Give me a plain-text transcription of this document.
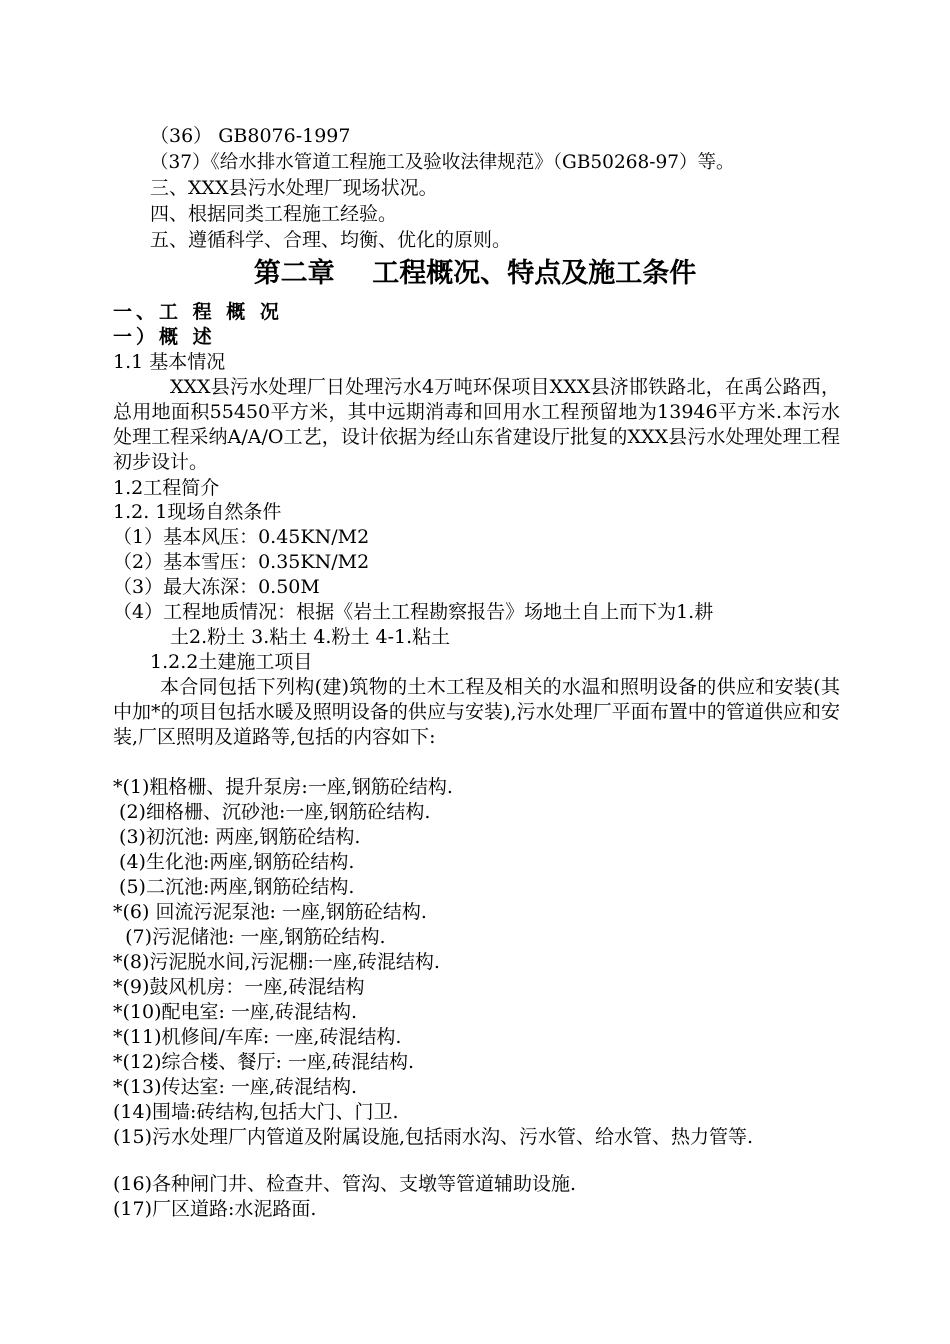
（36） GB8076-1997
（37）《给水排水管道工程施工及验收法律规范》（GB50268-97）等。
三、XXX县污水处理厂现场状况。
四、根据同类工程施工经验。
五、遵循科学、合理、均衡、优化的原则。
第二章    工程概况、特点及施工条件
一、工 程 概 况
一）概 述
1.1 基本情况
XXX县污水处理厂日处理污水4万吨环保项目XXX县济邯铁路北，在禹公路西，总用地面积55450平方米，其中远期消毒和回用水工程预留地为13946平方米.本污水处理工程采纳A/A/O工艺，设计依据为经山东省建设厅批复的XXX县污水处理处理工程初步设计。
1.2工程简介
1.2. 1现场自然条件
（1）基本风压：0.45KN/M2
（2）基本雪压：0.35KN/M2
（3）最大冻深：0.50M
（4）工程地质情况：根据《岩土工程勘察报告》场地土自上而下为1.耕
土2.粉土 3.粘土 4.粉土 4-1.粘土
1.2.2土建施工项目
本合同包括下列构(建)筑物的土木工程及相关的水温和照明设备的供应和安装(其中加*的项目包括水暖及照明设备的供应与安装),污水处理厂平面布置中的管道供应和安装,厂区照明及道路等,包括的内容如下:
*(1)粗格栅、提升泵房:一座,钢筋砼结构.
(2)细格栅、沉砂池:一座,钢筋砼结构.
(3)初沉池: 两座,钢筋砼结构.
(4)生化池:两座,钢筋砼结构.
(5)二沉池:两座,钢筋砼结构.
*(6) 回流污泥泵池: 一座,钢筋砼结构.
(7)污泥储池: 一座,钢筋砼结构.
*(8)污泥脱水间,污泥棚:一座,砖混结构.
*(9)鼓风机房：一座,砖混结构
*(10)配电室: 一座,砖混结构.
*(11)机修间/车库: 一座,砖混结构.
*(12)综合楼、餐厅: 一座,砖混结构.
*(13)传达室: 一座,砖混结构.
(14)围墙:砖结构,包括大门、门卫.
(15)污水处理厂内管道及附属设施,包括雨水沟、污水管、给水管、热力管等.
(16)各种闸门井、检查井、管沟、支墩等管道辅助设施.
(17)厂区道路:水泥路面.
